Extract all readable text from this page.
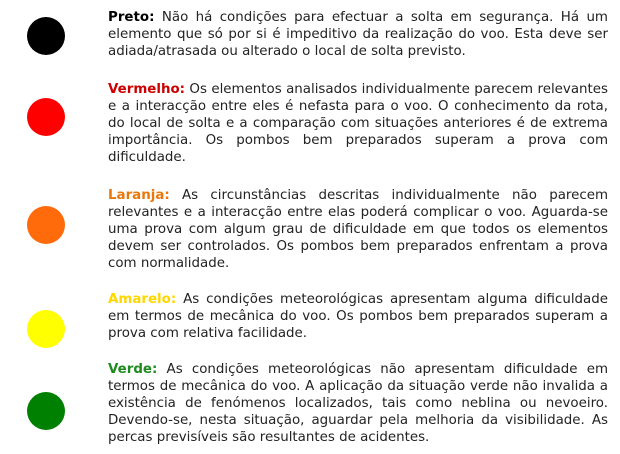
Preto: Não há condições para efectuar a solta em segurança. Há um elemento que só por si é impeditivo da realização do voo. Esta deve ser adiada/atrasada ou alterado o local de solta previsto.
Vermelho: Os elementos analisados individualmente parecem relevantes e a interacção entre eles é nefasta para o voo. O conhecimento da rota, do local de solta e a comparação com situações anteriores é de extrema importância. Os pombos bem preparados superam a prova com dificuldade.
Laranja: As circunstâncias descritas individualmente não parecem relevantes e a interacção entre elas poderá complicar o voo. Aguarda-se uma prova com algum grau de dificuldade em que todos os elementos devem ser controlados. Os pombos bem preparados enfrentam a prova com normalidade.
Amarelo: As condições meteorológicas apresentam alguma dificuldade em termos de mecânica do voo. Os pombos bem preparados superam a prova com relativa facilidade.
Verde: As condições meteorológicas não apresentam dificuldade em termos de mecânica do voo. A aplicação da situação verde não invalida a existência de fenómenos localizados, tais como neblina ou nevoeiro. Devendo-se, nesta situação, aguardar pela melhoria da visibilidade. As percas previsíveis são resultantes de acidentes.
